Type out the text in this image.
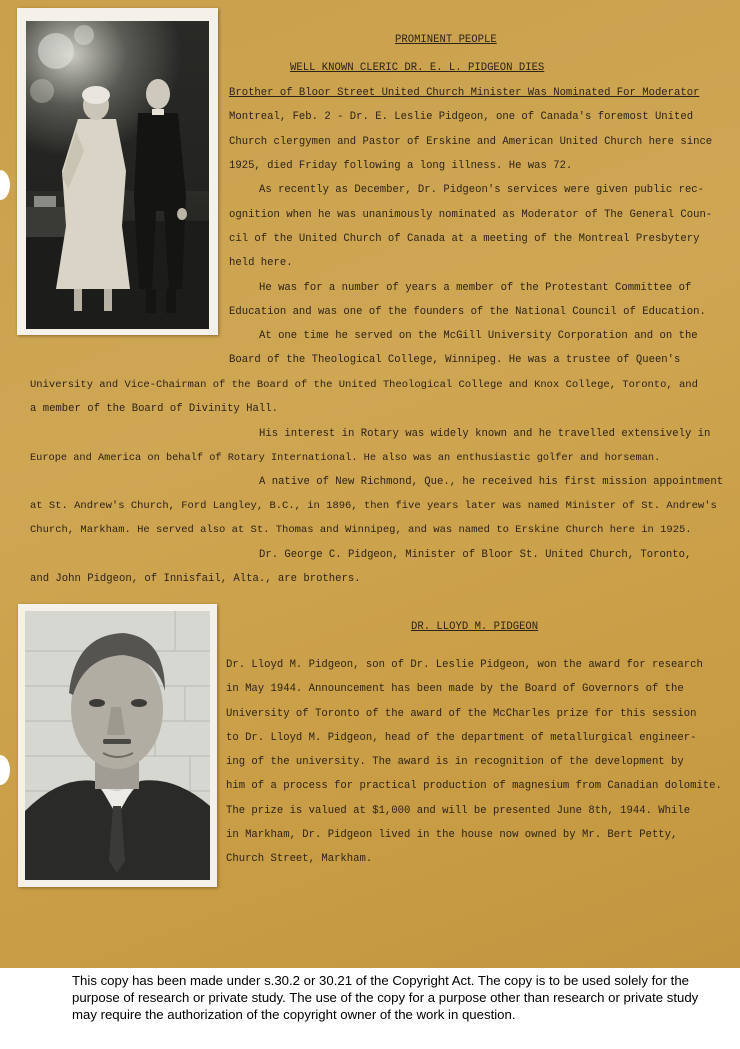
PROMINENT PEOPLE

WELL KNOWN CLERIC DR. E. L. PIDGEON DIES

Brother of Bloor Street United Church Minister Was Nominated For Moderator

Montreal, Feb. 2 - Dr. E. Leslie Pidgeon, one of Canada's foremost United

Church clergymen and Pastor of Erskine and American United Church here since

1925, died Friday following a long illness. He was 72.

As recently as December, Dr. Pidgeon's services were given public rec-

ognition when he was unanimously nominated as Moderator of The General Coun-

cil of the United Church of Canada at a meeting of the Montreal Presbytery

held here.

He was for a number of years a member of the Protestant Committee of

Education and was one of the founders of the National Council of Education.

At one time he served on the McGill University Corporation and on the

Board of the Theological College, Winnipeg. He was a trustee of Queen's

University and Vice-Chairman of the Board of the United Theological College and Knox College, Toronto, and

a member of the Board of Divinity Hall.

His interest in Rotary was widely known and he travelled extensively in

Europe and America on behalf of Rotary International. He also was an enthusiastic golfer and horseman.

A native of New Richmond, Que., he received his first mission appointment

at St. Andrew's Church, Ford Langley, B.C., in 1896, then five years later was named Minister of St. Andrew's

Church, Markham. He served also at St. Thomas and Winnipeg, and was named to Erskine Church here in 1925.

Dr. George C. Pidgeon, Minister of Bloor St. United Church, Toronto,

and John Pidgeon, of Innisfail, Alta., are brothers.

DR. LLOYD M. PIDGEON

Dr. Lloyd M. Pidgeon, son of Dr. Leslie Pidgeon, won the award for research

in May 1944. Announcement has been made by the Board of Governors of the

University of Toronto of the award of the McCharles prize for this session

to Dr. Lloyd M. Pidgeon, head of the department of metallurgical engineer-

ing of the university. The award is in recognition of the development by

him of a process for practical production of magnesium from Canadian dolomite.

The prize is valued at $1,000 and will be presented June 8th, 1944. While

in Markham, Dr. Pidgeon lived in the house now owned by Mr. Bert Petty,

Church Street, Markham.

This copy has been made under s.30.2 or 30.21 of the Copyright Act. The copy is to be used solely for the purpose of research or private study. The use of the copy for a purpose other than research or private study may require the authorization of the copyright owner of the work in question.
